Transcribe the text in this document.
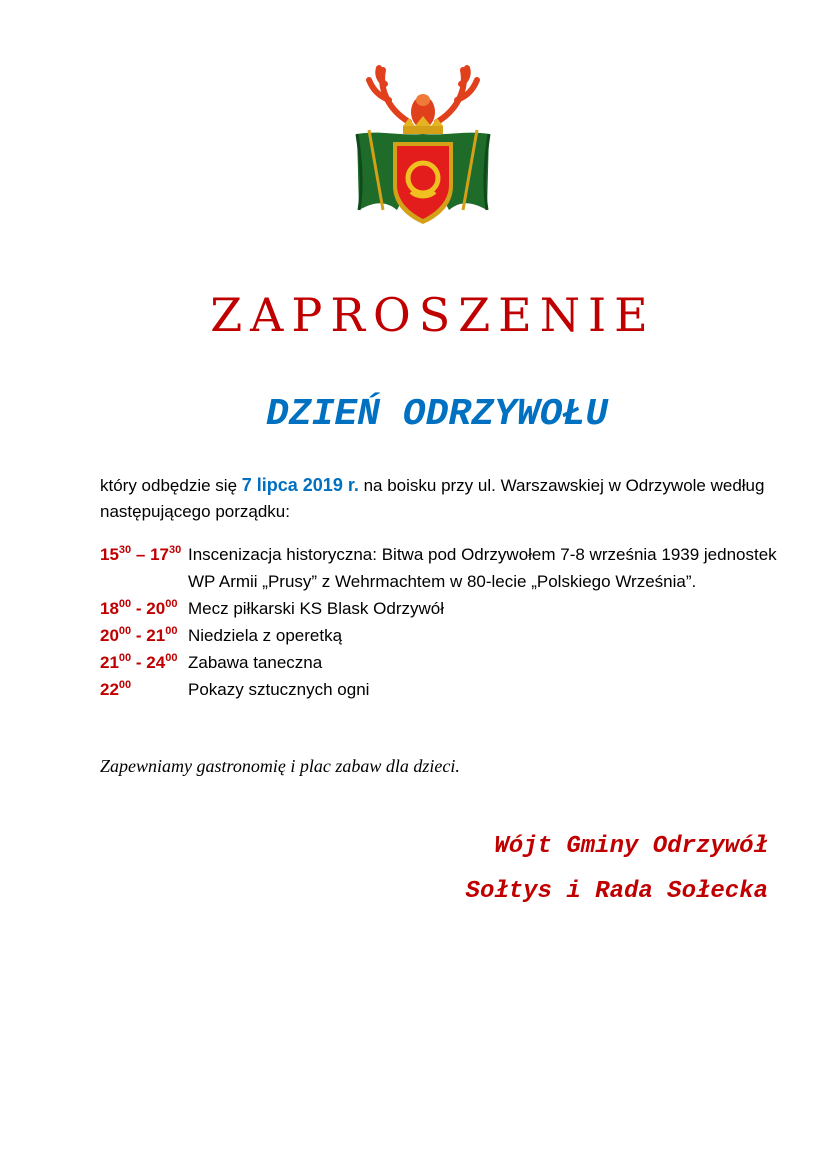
ZAPROSZENIE
DZIEŃ ODRZYWOŁU
który odbędzie się 7 lipca 2019 r. na boisku przy ul. Warszawskiej w Odrzywole według następującego porządku:
$15^{30} - 17^{30}$ Inscenizacja historyczna: Bitwa pod Odrzywołem 7-8 września 1939 jednostek WP Armii „Prusy” z Wehrmachtem w 80-lecie „Polskiego Września”.
$18^{00} - 20^{00}$ Mecz piłkarski KS Blask Odrzywół
$20^{00} - 21^{00}$ Niedziela z operetką
$21^{00} - 24^{00}$ Zabawa taneczna
$22^{00}$	Pokazy sztucznych ogni
Zapewniamy gastronomię i plac zabaw dla dzieci.
Wójt Gminy Odrzywół
Sołtys i Rada Sołecka
